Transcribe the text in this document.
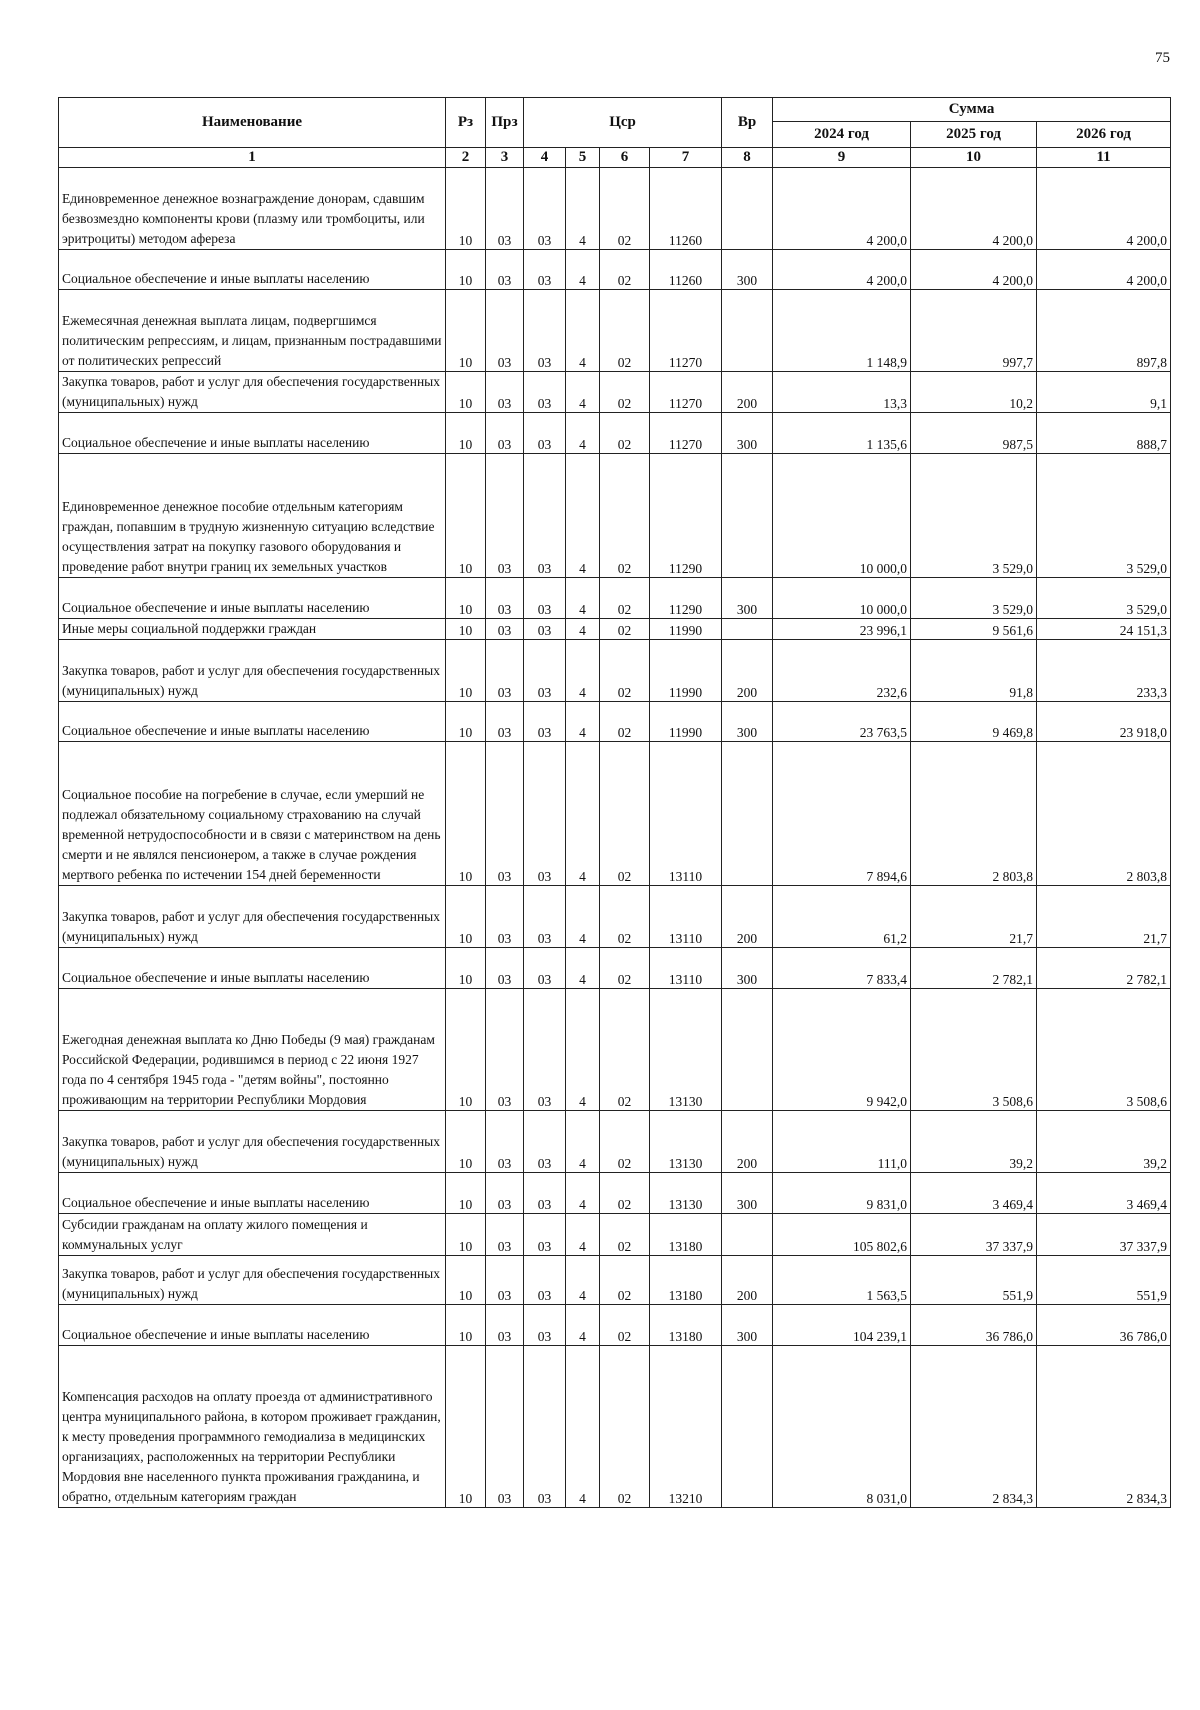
75
Наименование	Рз	Прз	Цср				Вр	Сумма		
								2024 год	2025 год	2026 год
1	2	3	4	5	6	7	8	9	10	11
Единовременное денежное вознаграждение донорам, сдавшим безвозмездно компоненты крови (плазму или тромбоциты, или эритроциты) методом афереза	10	03	03	4	02	11260		4 200,0	4 200,0	4 200,0
Социальное обеспечение и иные выплаты населению	10	03	03	4	02	11260	300	4 200,0	4 200,0	4 200,0
Ежемесячная денежная выплата лицам, подвергшимся политическим репрессиям, и лицам, признанным пострадавшими от политических репрессий	10	03	03	4	02	11270		1 148,9	997,7	897,8
Закупка товаров, работ и услуг для обеспечения государственных (муниципальных) нужд	10	03	03	4	02	11270	200	13,3	10,2	9,1
Социальное обеспечение и иные выплаты населению	10	03	03	4	02	11270	300	1 135,6	987,5	888,7
Единовременное денежное пособие отдельным категориям граждан, попавшим в трудную жизненную ситуацию вследствие осуществления затрат на покупку газового оборудования и проведение работ внутри границ их земельных участков	10	03	03	4	02	11290		10 000,0	3 529,0	3 529,0
Социальное обеспечение и иные выплаты населению	10	03	03	4	02	11290	300	10 000,0	3 529,0	3 529,0
Иные меры социальной поддержки граждан	10	03	03	4	02	11990		23 996,1	9 561,6	24 151,3
Закупка товаров, работ и услуг для обеспечения государственных (муниципальных) нужд	10	03	03	4	02	11990	200	232,6	91,8	233,3
Социальное обеспечение и иные выплаты населению	10	03	03	4	02	11990	300	23 763,5	9 469,8	23 918,0
Социальное пособие на погребение в случае, если умерший не подлежал обязательному социальному страхованию на случай временной нетрудоспособности и в связи с материнством на день смерти и не являлся пенсионером, а также в случае рождения мертвого ребенка по истечении 154 дней беременности	10	03	03	4	02	13110		7 894,6	2 803,8	2 803,8
Закупка товаров, работ и услуг для обеспечения государственных (муниципальных) нужд	10	03	03	4	02	13110	200	61,2	21,7	21,7
Социальное обеспечение и иные выплаты населению	10	03	03	4	02	13110	300	7 833,4	2 782,1	2 782,1
Ежегодная денежная выплата ко Дню Победы (9 мая) гражданам Российской Федерации, родившимся в период с 22 июня 1927 года по 4 сентября 1945 года - "детям войны", постоянно проживающим на территории Республики Мордовия	10	03	03	4	02	13130		9 942,0	3 508,6	3 508,6
Закупка товаров, работ и услуг для обеспечения государственных (муниципальных) нужд	10	03	03	4	02	13130	200	111,0	39,2	39,2
Социальное обеспечение и иные выплаты населению	10	03	03	4	02	13130	300	9 831,0	3 469,4	3 469,4
Субсидии гражданам на оплату жилого помещения и коммунальных услуг	10	03	03	4	02	13180		105 802,6	37 337,9	37 337,9
Закупка товаров, работ и услуг для обеспечения государственных (муниципальных) нужд	10	03	03	4	02	13180	200	1 563,5	551,9	551,9
Социальное обеспечение и иные выплаты населению	10	03	03	4	02	13180	300	104 239,1	36 786,0	36 786,0
Компенсация расходов на оплату проезда от административного центра муниципального района, в котором проживает гражданин, к месту проведения программного гемодиализа в медицинских организациях, расположенных на территории Республики Мордовия вне населенного пункта проживания гражданина, и обратно, отдельным категориям граждан	10	03	03	4	02	13210		8 031,0	2 834,3	2 834,3
